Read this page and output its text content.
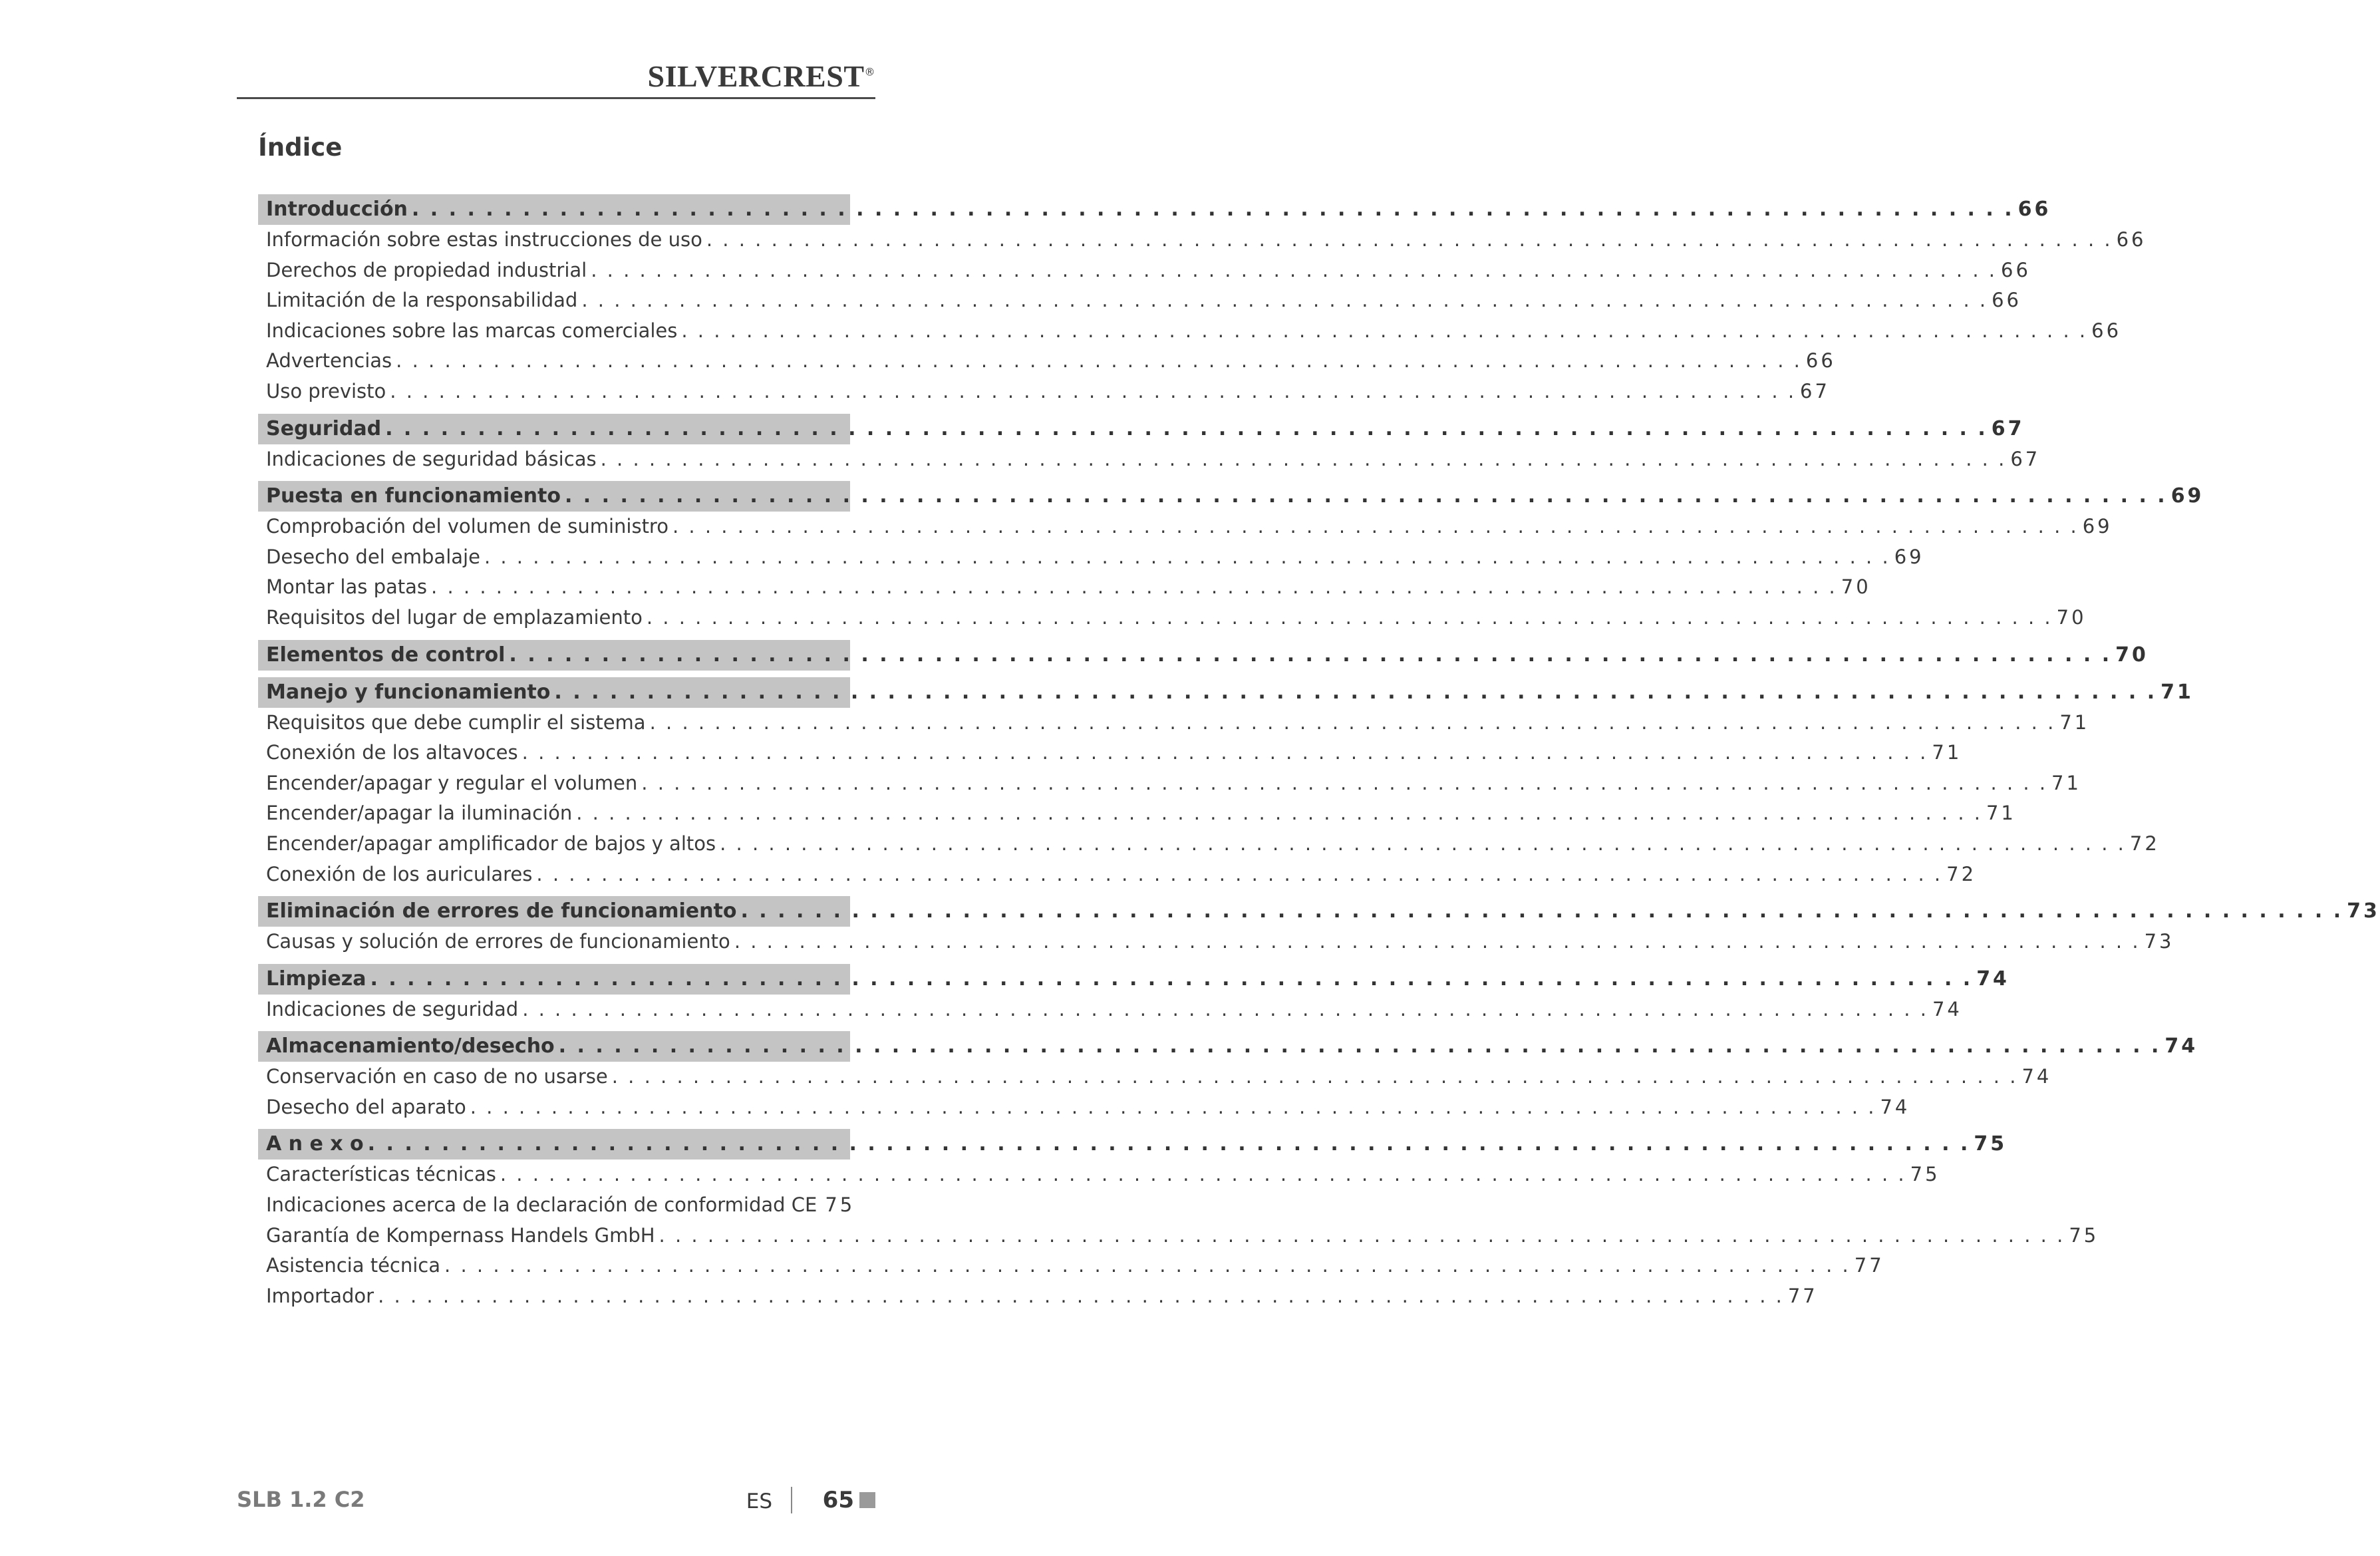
SILVERCREST®
Índice
Introducción . . .	66
Información sobre estas instrucciones de uso . . .	66
Derechos de propiedad industrial . . .	66
Limitación de la responsabilidad . . .	66
Indicaciones sobre las marcas comerciales . . .	66
Advertencias . . .	66
Uso previsto . . .	67
Seguridad . . .	67
Indicaciones de seguridad básicas . . .	67
Puesta en funcionamiento . . .	69
Comprobación del volumen de suministro . . .	69
Desecho del embalaje . . .	69
Montar las patas . . .	70
Requisitos del lugar de emplazamiento . . .	70
Elementos de control . . .	70
Manejo y funcionamiento . . .	71
Requisitos que debe cumplir el sistema . . .	71
Conexión de los altavoces . . .	71
Encender/apagar y regular el volumen . . .	71
Encender/apagar la iluminación . . .	71
Encender/apagar amplificador de bajos y altos . . .	72
Conexión de los auriculares . . .	72
Eliminación de errores de funcionamiento . . .	73
Causas y solución de errores de funcionamiento . . .	73
Limpieza . . .	74
Indicaciones de seguridad . . .	74
Almacenamiento/desecho . . .	74
Conservación en caso de no usarse . . .	74
Desecho del aparato . . .	74
A n e x o . . .	75
Características técnicas . . .	75
Indicaciones acerca de la declaración de conformidad CE 75
Garantía de Kompernass Handels GmbH . . .	75
Asistencia técnica . . .	77
Importador . . .	77
SLB 1.2 C2	ES 65
